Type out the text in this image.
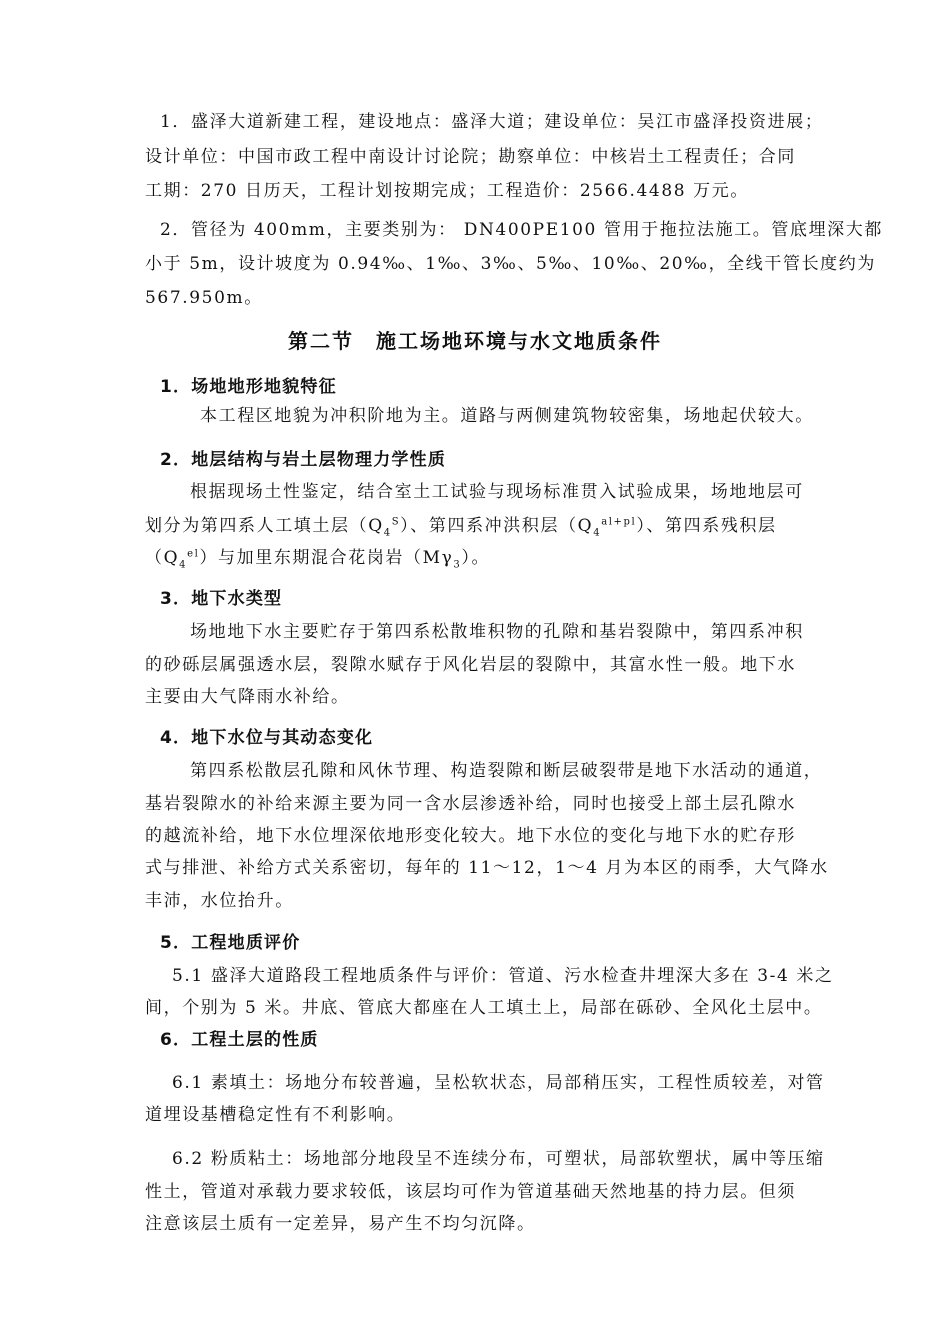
1．盛泽大道新建工程，建设地点：盛泽大道；建设单位：吴江市盛泽投资进展；
设计单位：中国市政工程中南设计讨论院；勘察单位：中核岩土工程责任；合同
工期：270 日历天，工程计划按期完成；工程造价：2566.4488 万元。
2．管径为 400mm，主要类别为： DN400PE100 管用于拖拉法施工。管底埋深大都
小于 5m，设计坡度为 0.94‰、1‰、3‰、5‰、10‰、20‰，全线干管长度约为
567.950m。
第二节　施工场地环境与水文地质条件
1．场地地形地貌特征
本工程区地貌为冲积阶地为主。道路与两侧建筑物较密集，场地起伏较大。
2．地层结构与岩土层物理力学性质
根据现场土性鉴定，结合室土工试验与现场标准贯入试验成果，场地地层可
划分为第四系人工填土层$(Q_4^S)$、第四系冲洪积层$(Q_4^{al+pl})$、第四系残积层
$(Q_4^{el})$与加里东期混合花岗岩$(M\gamma_3)$。
3．地下水类型
场地地下水主要贮存于第四系松散堆积物的孔隙和基岩裂隙中，第四系冲积
的砂砾层属强透水层，裂隙水赋存于风化岩层的裂隙中，其富水性一般。地下水
主要由大气降雨水补给。
4．地下水位与其动态变化
第四系松散层孔隙和风休节理、构造裂隙和断层破裂带是地下水活动的通道，
基岩裂隙水的补给来源主要为同一含水层渗透补给，同时也接受上部土层孔隙水
的越流补给，地下水位埋深依地形变化较大。地下水位的变化与地下水的贮存形
式与排泄、补给方式关系密切，每年的 11～12，1～4 月为本区的雨季，大气降水
丰沛，水位抬升。
5．工程地质评价
5.1 盛泽大道路段工程地质条件与评价：管道、污水检查井埋深大多在 3-4 米之
间，个别为 5 米。井底、管底大都座在人工填土上，局部在砾砂、全风化土层中。
6．工程土层的性质
6.1 素填土：场地分布较普遍，呈松软状态，局部稍压实，工程性质较差，对管
道埋设基槽稳定性有不利影响。
6.2 粉质粘土：场地部分地段呈不连续分布，可塑状，局部软塑状，属中等压缩
性土，管道对承载力要求较低，该层均可作为管道基础天然地基的持力层。但须
注意该层土质有一定差异，易产生不均匀沉降。
